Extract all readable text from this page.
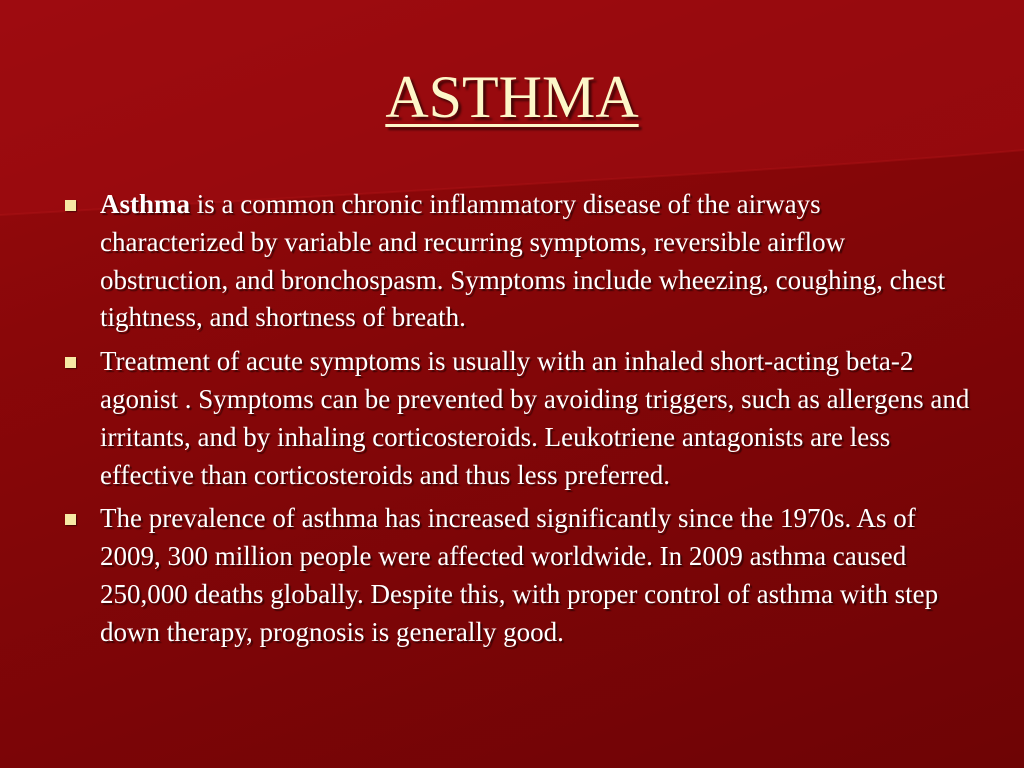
ASTHMA
Asthma is a common chronic inflammatory disease of the airways characterized by variable and recurring symptoms, reversible airflow obstruction, and bronchospasm. Symptoms include wheezing, coughing, chest tightness, and shortness of breath.
Treatment of acute symptoms is usually with an inhaled short-acting beta-2 agonist . Symptoms can be prevented by avoiding triggers, such as allergens and irritants, and by inhaling corticosteroids. Leukotriene antagonists are less effective than corticosteroids and thus less preferred.
The prevalence of asthma has increased significantly since the 1970s. As of 2009, 300 million people were affected worldwide. In 2009 asthma caused 250,000 deaths globally. Despite this, with proper control of asthma with step down therapy, prognosis is generally good.
